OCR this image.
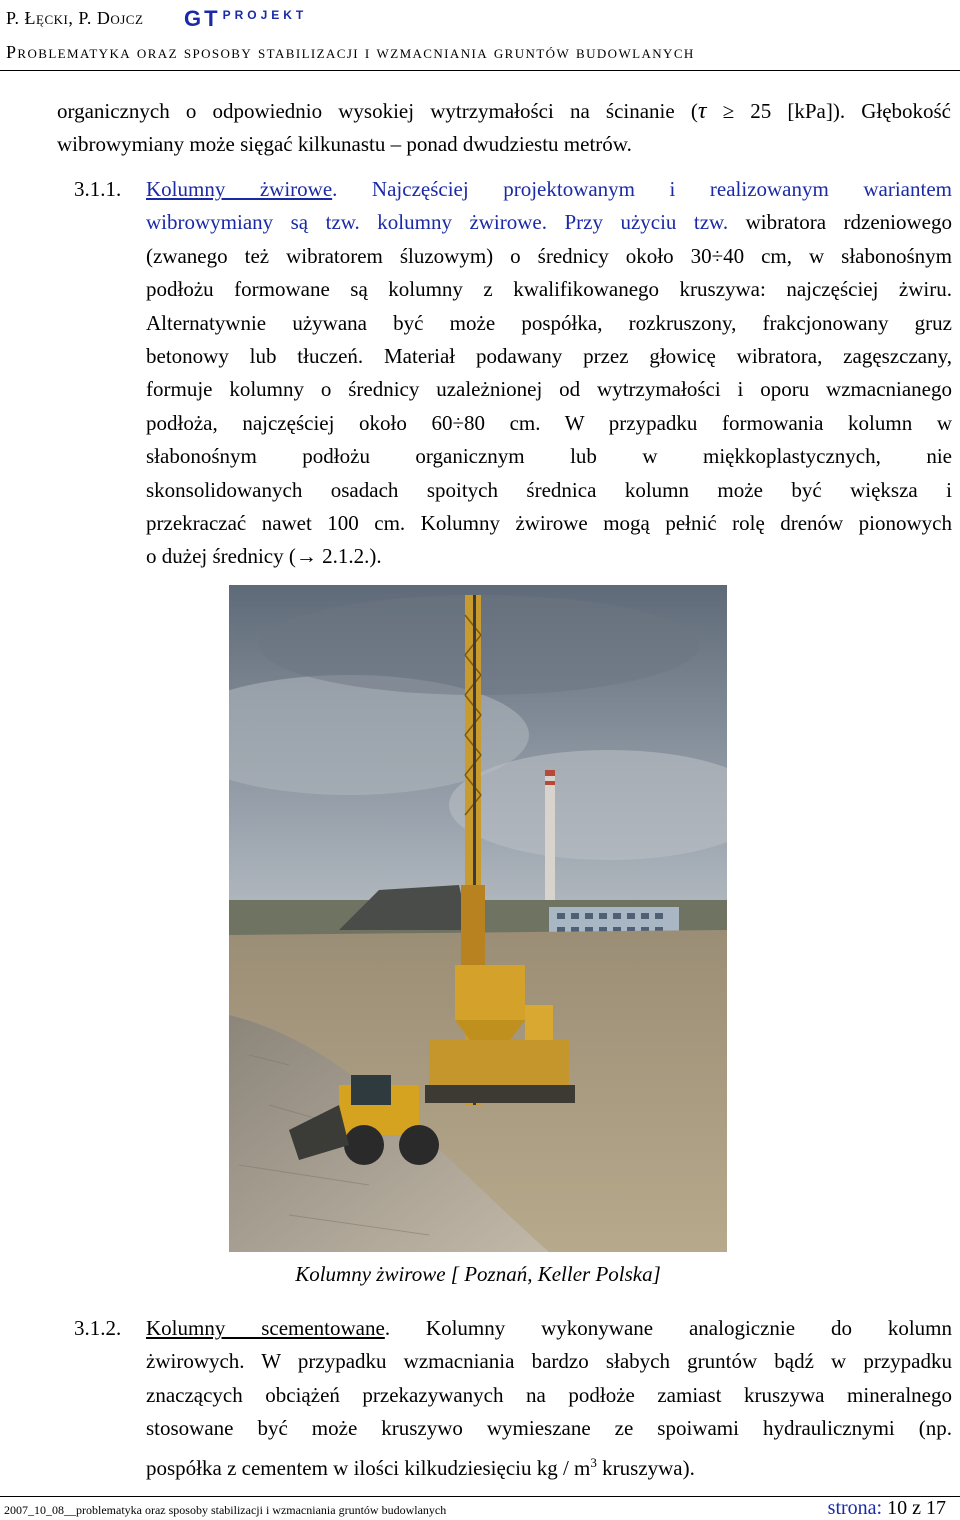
P. Łęcki, P. Dojcz GT $^{PROJEKT}$
Problematyka oraz sposoby stabilizacji i wzmacniania gruntów budowlanych
organicznych o odpowiednio wysokiej wytrzymałości na ścinanie (τ ≥ 25 [kPa]). Głębokość
wibrowymiany może sięgać kilkunastu – ponad dwudziestu metrów.
3.1.1. Kolumny żwirowe. Najczęściej projektowanym i realizowanym wariantem
wibrowymiany są tzw. kolumny żwirowe. Przy użyciu tzw. wibratora rdzeniowego
(zwanego też wibratorem śluzowym) o średnicy około 30÷40 cm, w słabonośnym
podłożu formowane są kolumny z kwalifikowanego kruszywa: najczęściej żwiru.
Alternatywnie używana być może pospółka, rozkruszony, frakcjonowany gruz
betonowy lub tłuczeń. Materiał podawany przez głowicę wibratora, zagęszczany,
formuje kolumny o średnicy uzależnionej od wytrzymałości i oporu wzmacnianego
podłoża, najczęściej około 60÷80 cm. W przypadku formowania kolumn w
słabonośnym podłożu organicznym lub w miękkoplastycznych, nie
skonsolidowanych osadach spoitych średnica kolumn może być większa i
przekraczać nawet 100 cm. Kolumny żwirowe mogą pełnić rolę drenów pionowych
o dużej średnicy (→ 2.1.2.).
Kolumny żwirowe [ Poznań, Keller Polska]
3.1.2. Kolumny scementowane. Kolumny wykonywane analogicznie do kolumn
żwirowych. W przypadku wzmacniania bardzo słabych gruntów bądź w przypadku
znaczących obciążeń przekazywanych na podłoże zamiast kruszywa mineralnego
stosowane być może kruszywo wymieszane ze spoiwami hydraulicznymi (np.
pospółka z cementem w ilości kilkudziesięciu kg / $m^3$ kruszywa).
2007_10_08__problematyka oraz sposoby stabilizacji i wzmacniania gruntów budowlanych	strona: 10 z 17
